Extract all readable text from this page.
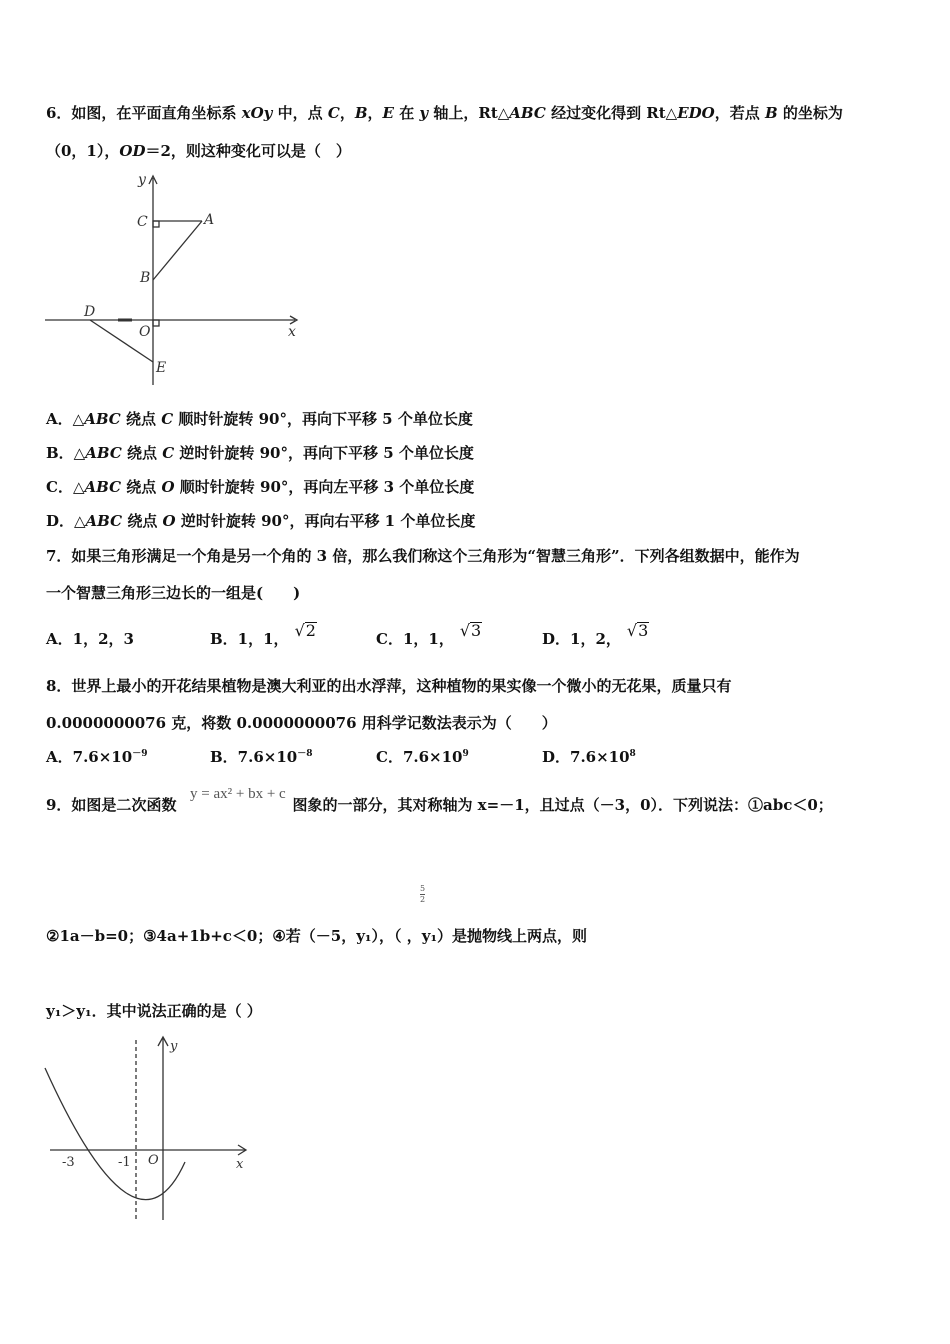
6．如图，在平面直角坐标系 xOy 中，点 C，B，E 在 y 轴上，Rt△ABC 经过变化得到 Rt△EDO，若点 B 的坐标为
（0，1），OD＝2，则这种变化可以是（　）
y
x
C	A
B
D
O
E
A．△ABC 绕点 C 顺时针旋转 90°，再向下平移 5 个单位长度
B．△ABC 绕点 C 逆时针旋转 90°，再向下平移 5 个单位长度
C．△ABC 绕点 O 顺时针旋转 90°，再向左平移 3 个单位长度
D．△ABC 绕点 O 逆时针旋转 90°，再向右平移 1 个单位长度
7．如果三角形满足一个角是另一个角的 3 倍，那么我们称这个三角形为“智慧三角形”．下列各组数据中，能作为
一个智慧三角形三边长的一组是(　　)
A．1，2，3	B．1，1， √2	C．1，1， √3	D．1，2， √3
8．世界上最小的开花结果植物是澳大利亚的出水浮萍，这种植物的果实像一个微小的无花果，质量只有
0.0000000076 克，将数 0.0000000076 用科学记数法表示为（　　）
A．$7.6\times 10^{-9}$	B．$7.6\times 10^{-8}$	C．$7.6\times 10^9$	D．$7.6\times 10^8$
9．如图是二次函数	图象的一部分，其对称轴为 x=－1，且过点（－3，0）．下列说法：①abc＜0；
y = ax² + bx + c
5
2
②1a－b=0；③4a+1b+c＜0；④若（－5，y₁），（ ，y₁）是抛物线上两点，则
y₁＞y₁．其中说法正确的是（ ）
y
x
-3	-1 O
